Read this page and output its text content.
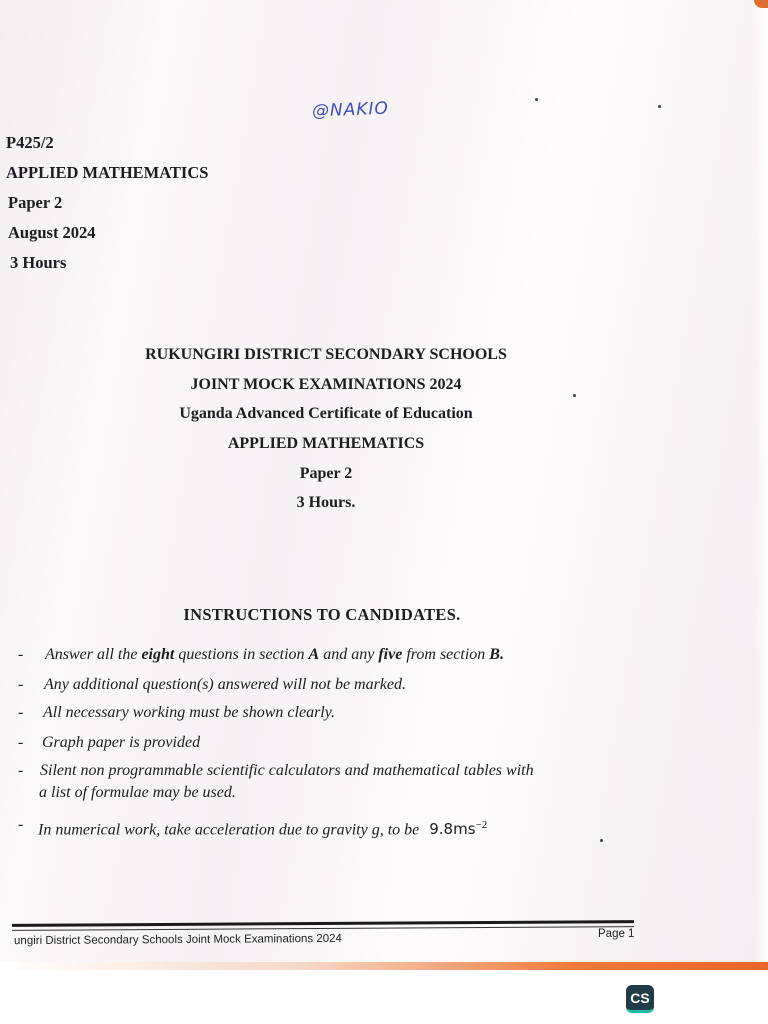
@NAKIO
P425/2
APPLIED MATHEMATICS
Paper 2
August 2024
3 Hours
RUKUNGIRI DISTRICT SECONDARY SCHOOLS
JOINT MOCK EXAMINATIONS 2024
Uganda Advanced Certificate of Education
APPLIED MATHEMATICS
Paper 2
3 Hours.
INSTRUCTIONS TO CANDIDATES.
- Answer all the eight questions in section A and any five from section B.
- Any additional question(s) answered will not be marked.
- All necessary working must be shown clearly.
- Graph paper is provided
- Silent non programmable scientific calculators and mathematical tables with
a list of formulae may be used.
- In numerical work, take acceleration due to gravity g, to be $9.8ms^{-2}$
ungiri District Secondary Schools Joint Mock Examinations 2024	Page 1
CS
